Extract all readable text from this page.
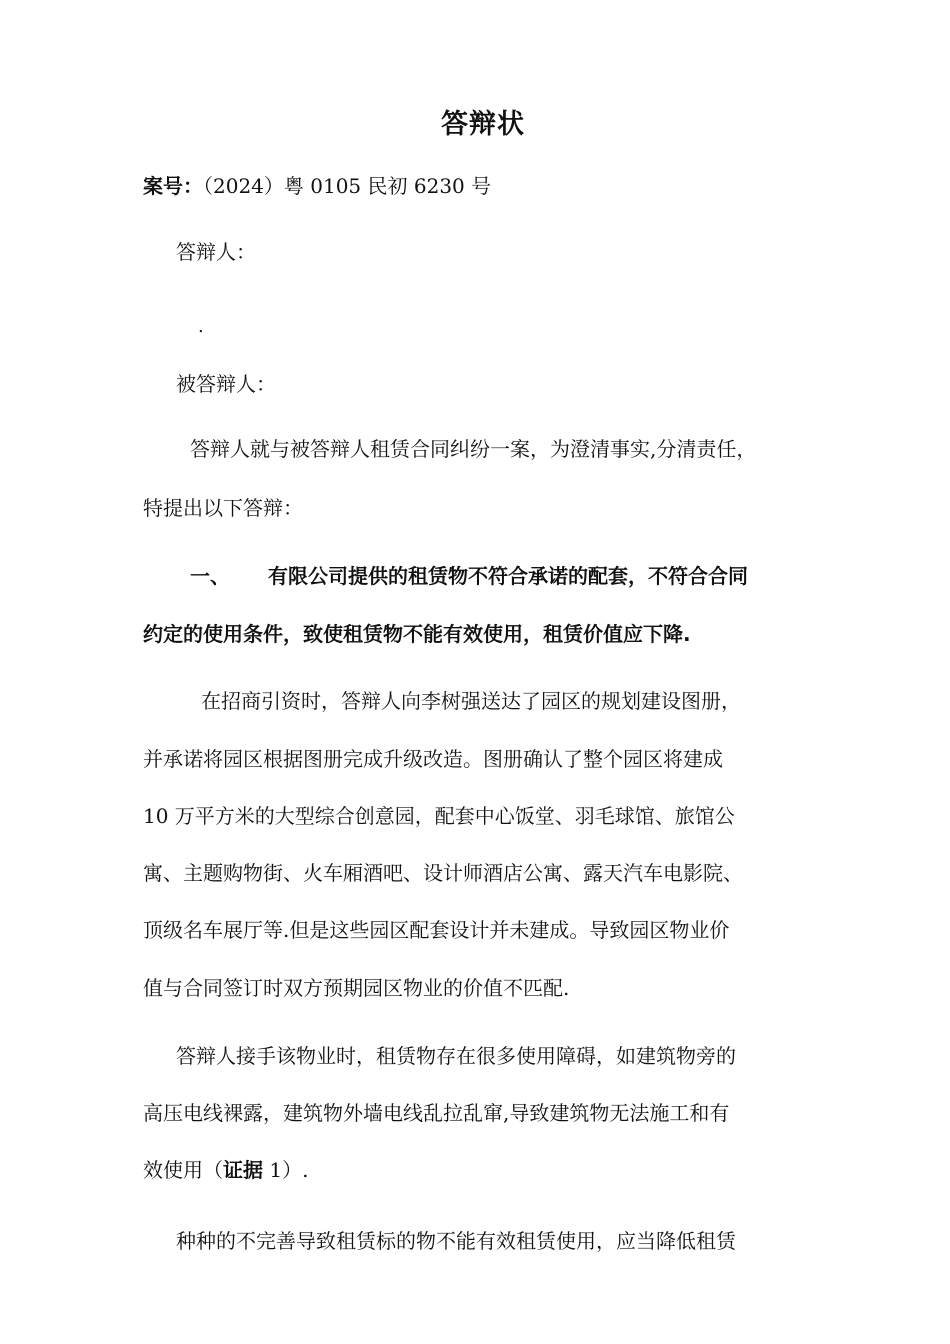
答辩状
案号：（2024）粤 0105 民初 6230 号
答辩人：
.
被答辩人：
答辩人就与被答辩人租赁合同纠纷一案，为澄清事实,分清责任，
特提出以下答辩：
一、 有限公司提供的租赁物不符合承诺的配套，不符合合同
约定的使用条件，致使租赁物不能有效使用，租赁价值应下降.
在招商引资时，答辩人向李树强送达了园区的规划建设图册，
并承诺将园区根据图册完成升级改造。图册确认了整个园区将建成
10 万平方米的大型综合创意园，配套中心饭堂、羽毛球馆、旅馆公
寓、主题购物街、火车厢酒吧、设计师酒店公寓、露天汽车电影院、
顶级名车展厅等.但是这些园区配套设计并未建成。导致园区物业价
值与合同签订时双方预期园区物业的价值不匹配.
答辩人接手该物业时，租赁物存在很多使用障碍，如建筑物旁的
高压电线裸露，建筑物外墙电线乱拉乱窜,导致建筑物无法施工和有
效使用（证据 1）.
种种的不完善导致租赁标的物不能有效租赁使用，应当降低租赁
